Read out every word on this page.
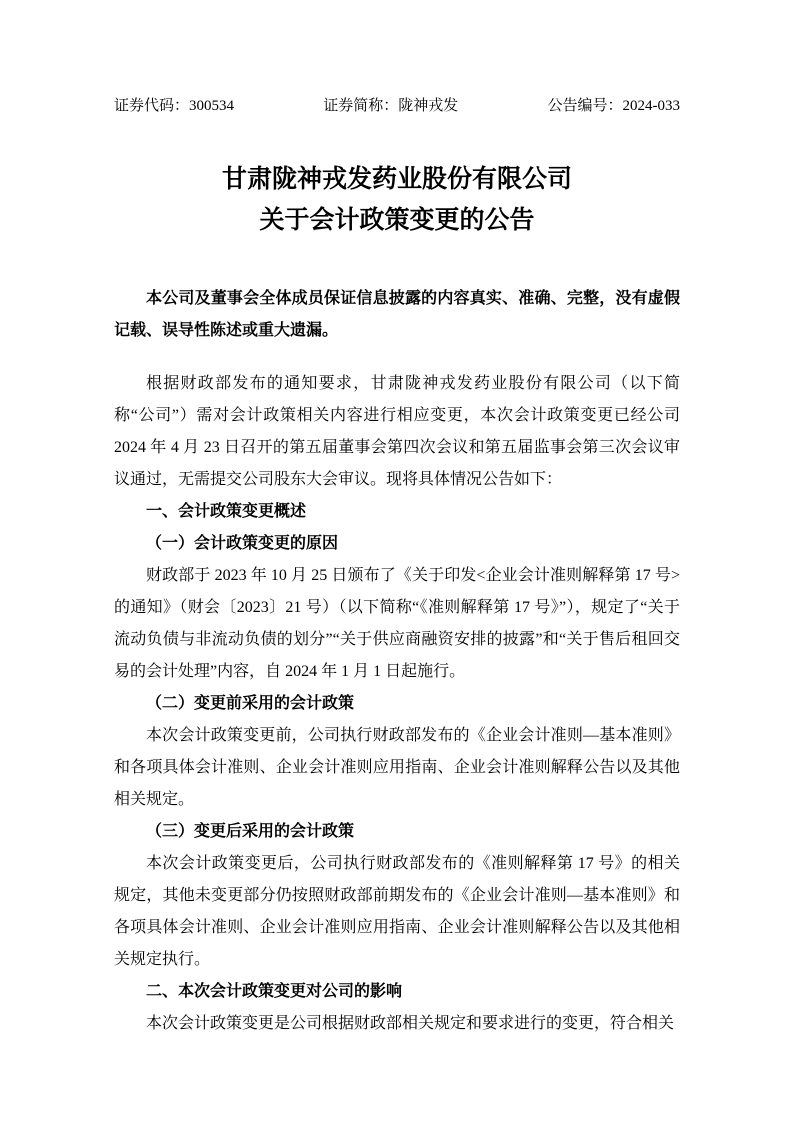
证券代码：300534	证券简称：陇神戎发	公告编号：2024-033
甘肃陇神戎发药业股份有限公司
关于会计政策变更的公告

本公司及董事会全体成员保证信息披露的内容真实、准确、完整，没有虚假记载、误导性陈述或重大遗漏。

根据财政部发布的通知要求，甘肃陇神戎发药业股份有限公司（以下简称“公司”）需对会计政策相关内容进行相应变更，本次会计政策变更已经公司 2024 年 4 月 23 日召开的第五届董事会第四次会议和第五届监事会第三次会议审议通过，无需提交公司股东大会审议。现将具体情况公告如下：

一、会计政策变更概述

（一）会计政策变更的原因

财政部于 2023 年 10 月 25 日颁布了《关于印发<企业会计准则解释第 17 号>的通知》（财会〔2023〕21 号）（以下简称“《准则解释第 17 号》”），规定了“关于流动负债与非流动负债的划分”“关于供应商融资安排的披露”和“关于售后租回交易的会计处理”内容，自 2024 年 1 月 1 日起施行。

（二）变更前采用的会计政策

本次会计政策变更前，公司执行财政部发布的《企业会计准则—基本准则》和各项具体会计准则、企业会计准则应用指南、企业会计准则解释公告以及其他相关规定。

（三）变更后采用的会计政策

本次会计政策变更后，公司执行财政部发布的《准则解释第 17 号》的相关规定，其他未变更部分仍按照财政部前期发布的《企业会计准则—基本准则》和各项具体会计准则、企业会计准则应用指南、企业会计准则解释公告以及其他相关规定执行。

二、本次会计政策变更对公司的影响

本次会计政策变更是公司根据财政部相关规定和要求进行的变更，符合相关
